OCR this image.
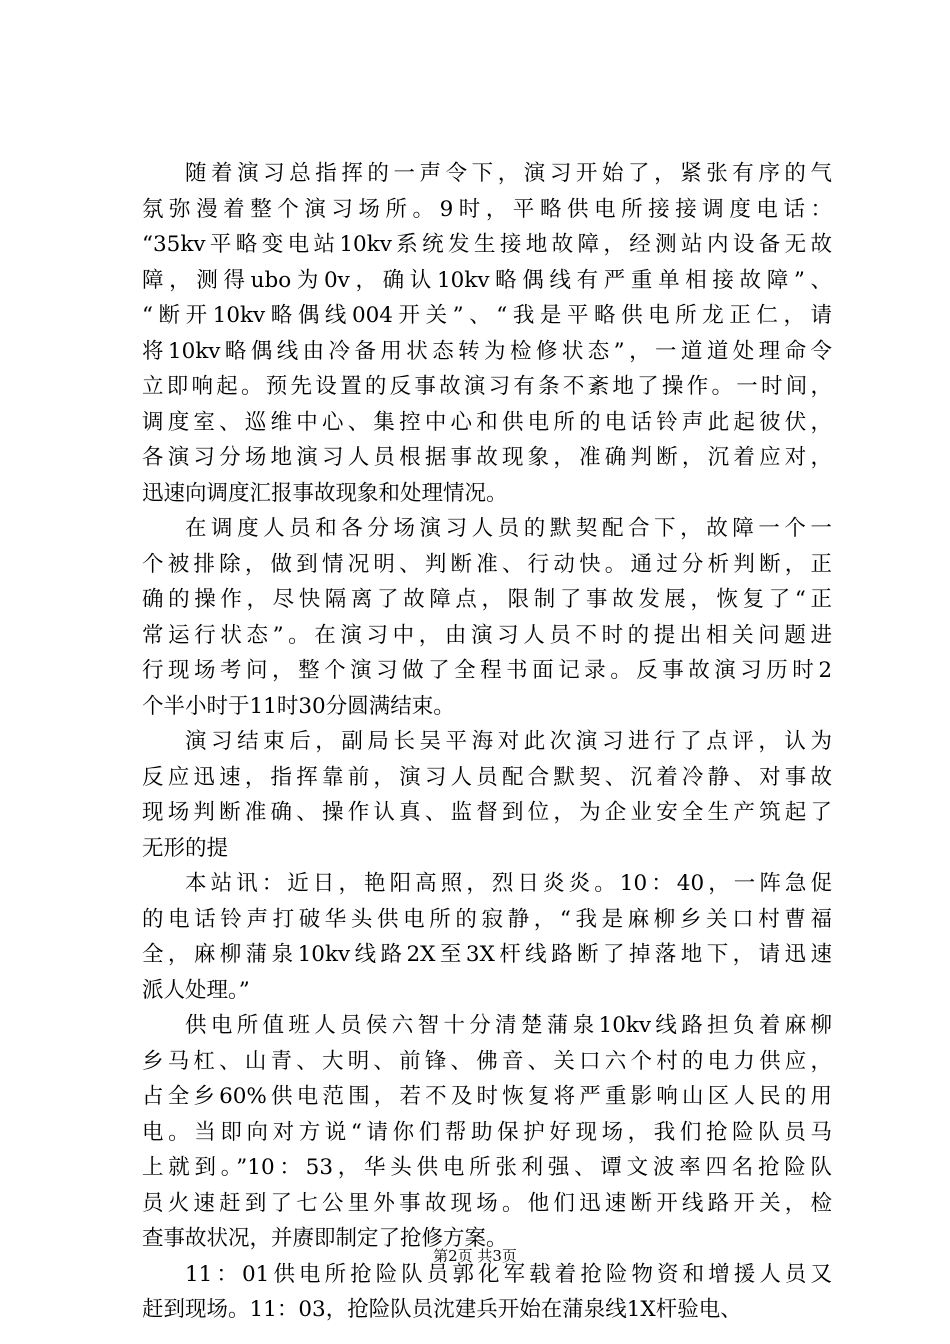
随着演习总指挥的一声令下，演习开始了，紧张有序的气
氛弥漫着整个演习场所。9时，平略供电所接接调度电话：
“35kv平略变电站10kv系统发生接地故障，经测站内设备无故
障，测得ubo为0v，确认10kv略偶线有严重单相接故障”、
“断开10kv略偶线004开关”、“我是平略供电所龙正仁，请
将10kv略偶线由冷备用状态转为检修状态”，一道道处理命令
立即响起。预先设置的反事故演习有条不紊地了操作。一时间，
调度室、巡维中心、集控中心和供电所的电话铃声此起彼伏，
各演习分场地演习人员根据事故现象，准确判断，沉着应对，
迅速向调度汇报事故现象和处理情况。
在调度人员和各分场演习人员的默契配合下，故障一个一
个被排除，做到情况明、判断准、行动快。通过分析判断，正
确的操作，尽快隔离了故障点，限制了事故发展，恢复了“正
常运行状态”。在演习中，由演习人员不时的提出相关问题进
行现场考问，整个演习做了全程书面记录。反事故演习历时2
个半小时于11时30分圆满结束。
演习结束后，副局长吴平海对此次演习进行了点评，认为
反应迅速，指挥靠前，演习人员配合默契、沉着冷静、对事故
现场判断准确、操作认真、监督到位，为企业安全生产筑起了
无形的提
本站讯：近日，艳阳高照，烈日炎炎。10：40，一阵急促
的电话铃声打破华头供电所的寂静，“我是麻柳乡关口村曹福
全，麻柳蒲泉10kv线路2X至3X杆线路断了掉落地下，请迅速
派人处理。”
供电所值班人员侯六智十分清楚蒲泉10kv线路担负着麻柳
乡马杠、山青、大明、前锋、佛音、关口六个村的电力供应，
占全乡60%供电范围，若不及时恢复将严重影响山区人民的用
电。当即向对方说“请你们帮助保护好现场，我们抢险队员马
上就到。”10：53，华头供电所张利强、谭文波率四名抢险队
员火速赶到了七公里外事故现场。他们迅速断开线路开关，检
查事故状况，并赓即制定了抢修方案。
11：01供电所抢险队员郭化军载着抢险物资和增援人员又
赶到现场。11：03，抢险队员沈建兵开始在蒲泉线1X杆验电、
第2页 共3页
